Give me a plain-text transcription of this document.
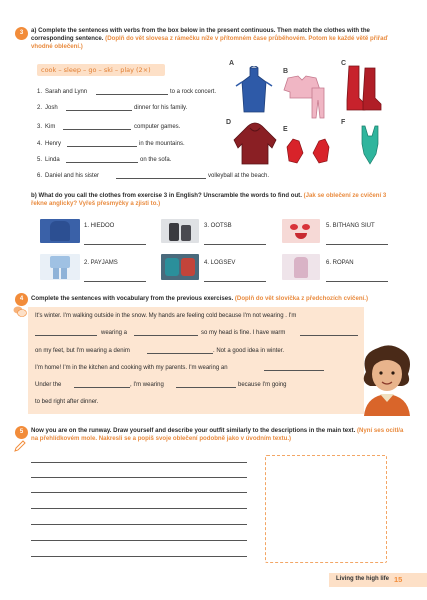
3	a) Complete the sentences with verbs from the box below in the present continuous. Then match the clothes with the corresponding sentence. (Doplň do vět slovesa z rámečku níže v přítomném čase průběhovém. Potom ke každé větě přiřaď vhodné oblečení.)
cook – sleep – go – ski – play (2×)
1. Sarah and Lynn	to a rock concert.
2. Josh	dinner for his family.
3. Kim	computer games.
4. Henry	in the mountains.
5. Linda	on the sofa.
6. Daniel and his sister	volleyball at the beach.
A
B
C
D
E
F
b) What do you call the clothes from exercise 3 in English? Unscramble the words to find out. (Jak se oblečení ze cvičení 3 řekne anglicky? Vyřeš přesmyčky a zjisti to.)
1. HIEDOO	3. OOTSB	5. BITHANG SIUT
2. PAYJAMS	4. LOGSEV	6. ROPAN
4	Complete the sentences with vocabulary from the previous exercises. (Doplň do vět slovíčka z předchozích cvičení.)
It's winter. I'm walking outside in the snow. My hands are feeling cold because I'm not wearing . I'm
wearing a	so my head is fine. I have warm
on my feet, but I'm wearing a denim	. Not a good idea in winter.
I'm home! I'm in the kitchen and cooking with my parents. I'm wearing an
Under the	, I'm wearing	because I'm going
to bed right after dinner.
5	Now you are on the runway. Draw yourself and describe your outfit similarly to the descriptions in the main text. (Nyní ses ocitl/a na přehlídkovém mole. Nakresli se a popiš svoje oblečení podobně jako v úvodním textu.)
Living the high life 15
